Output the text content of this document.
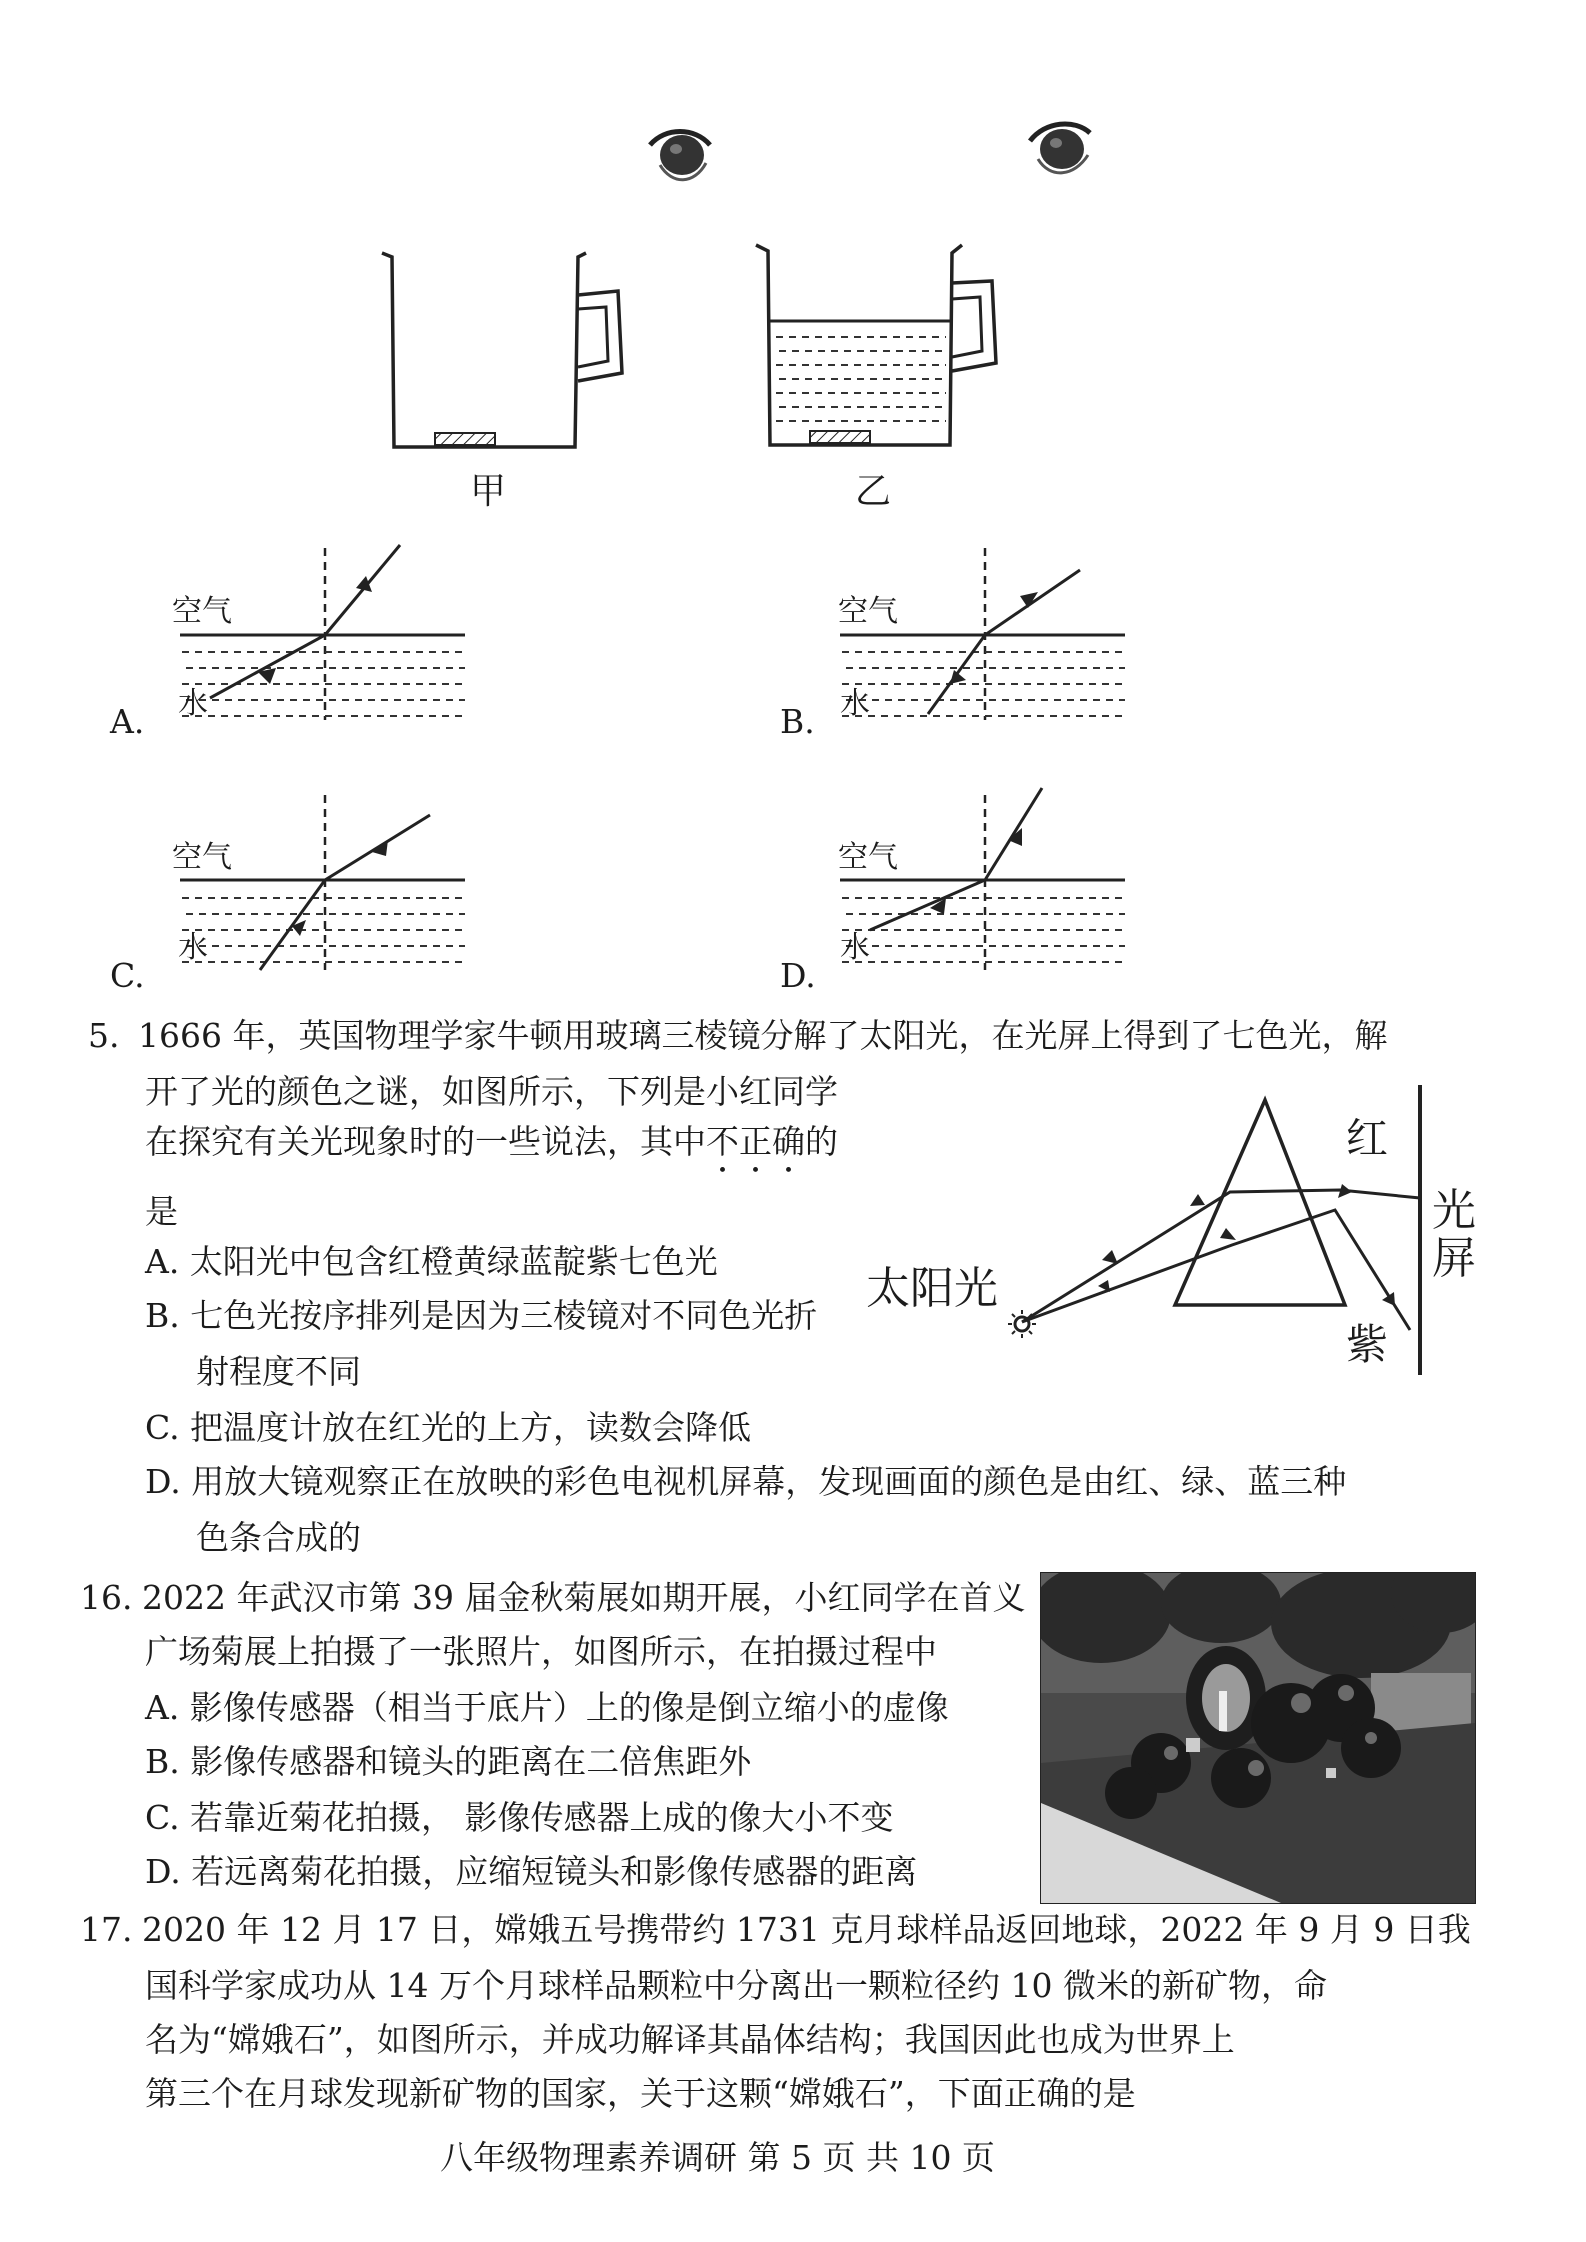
甲	乙
空气
水
A.
空气
水
B.
空气
水
C.
空气
水
D.
5. 1666 年，英国物理学家牛顿用玻璃三棱镜分解了太阳光，在光屏上得到了七色光，解
开了光的颜色之谜，如图所示，下列是小红同学
在探究有关光现象时的一些说法，其中不正确的
是
A. 太阳光中包含红橙黄绿蓝靛紫七色光
B. 七色光按序排列是因为三棱镜对不同色光折
射程度不同
C. 把温度计放在红光的上方，读数会降低
D. 用放大镜观察正在放映的彩色电视机屏幕，发现画面的颜色是由红、绿、蓝三种
色条合成的
太阳光
红
紫
光
屏
16. 2022 年武汉市第 39 届金秋菊展如期开展，小红同学在首义
广场菊展上拍摄了一张照片，如图所示，在拍摄过程中
A. 影像传感器（相当于底片）上的像是倒立缩小的虚像
B. 影像传感器和镜头的距离在二倍焦距外
C. 若靠近菊花拍摄， 影像传感器上成的像大小不变
D. 若远离菊花拍摄，应缩短镜头和影像传感器的距离
17. 2020 年 12 月 17 日，嫦娥五号携带约 1731 克月球样品返回地球，2022 年 9 月 9 日我
国科学家成功从 14 万个月球样品颗粒中分离出一颗粒径约 10 微米的新矿物，命
名为“嫦娥石”，如图所示，并成功解译其晶体结构；我国因此也成为世界上
第三个在月球发现新矿物的国家，关于这颗“嫦娥石”，下面正确的是
八年级物理素养调研 第 5 页 共 10 页
